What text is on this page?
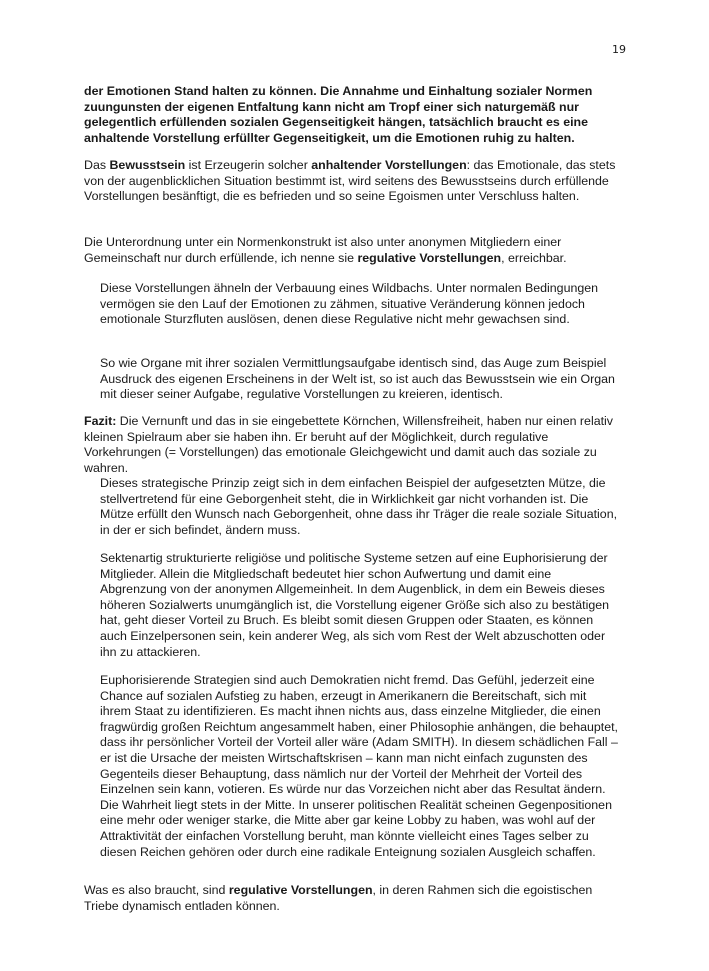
19

der Emotionen Stand halten zu können. Die Annahme und Einhaltung sozialer Normen zuungunsten der eigenen Entfaltung kann nicht am Tropf einer sich naturgemäß nur gelegentlich erfüllenden sozialen Gegenseitigkeit hängen, tatsächlich braucht es eine anhaltende Vorstellung erfüllter Gegenseitigkeit, um die Emotionen ruhig zu halten.

Das Bewusstsein ist Erzeugerin solcher anhaltender Vorstellungen: das Emotionale, das stets von der augenblicklichen Situation bestimmt ist, wird seitens des Bewusstseins durch erfüllende Vorstellungen besänftigt, die es befrieden und so seine Egoismen unter Verschluss halten.

Die Unterordnung unter ein Normenkonstrukt ist also unter anonymen Mitgliedern einer Gemeinschaft nur durch erfüllende, ich nenne sie regulative Vorstellungen, erreichbar.

Diese Vorstellungen ähneln der Verbauung eines Wildbachs. Unter normalen Bedingungen vermögen sie den Lauf der Emotionen zu zähmen, situative Veränderung können jedoch emotionale Sturzfluten auslösen, denen diese Regulative nicht mehr gewachsen sind.

So wie Organe mit ihrer sozialen Vermittlungsaufgabe identisch sind, das Auge zum Beispiel Ausdruck des eigenen Erscheinens in der Welt ist, so ist auch das Bewusstsein wie ein Organ mit dieser seiner Aufgabe, regulative Vorstellungen zu kreieren, identisch.

Fazit: Die Vernunft und das in sie eingebettete Körnchen, Willensfreiheit, haben nur einen relativ kleinen Spielraum aber sie haben ihn. Er beruht auf der Möglichkeit, durch regulative Vorkehrungen (= Vorstellungen) das emotionale Gleichgewicht und damit auch das soziale zu wahren.

Dieses strategische Prinzip zeigt sich in dem einfachen Beispiel der aufgesetzten Mütze, die stellvertretend für eine Geborgenheit steht, die in Wirklichkeit gar nicht vorhanden ist. Die Mütze erfüllt den Wunsch nach Geborgenheit, ohne dass ihr Träger die reale soziale Situation, in der er sich befindet, ändern muss.

Sektenartig strukturierte religiöse und politische Systeme setzen auf eine Euphorisierung der Mitglieder. Allein die Mitgliedschaft bedeutet hier schon Aufwertung und damit eine Abgrenzung von der anonymen Allgemeinheit. In dem Augenblick, in dem ein Beweis dieses höheren Sozialwerts unumgänglich ist, die Vorstellung eigener Größe sich also zu bestätigen hat, geht dieser Vorteil zu Bruch. Es bleibt somit diesen Gruppen oder Staaten, es können auch Einzelpersonen sein, kein anderer Weg, als sich vom Rest der Welt abzuschotten oder ihn zu attackieren.

Euphorisierende Strategien sind auch Demokratien nicht fremd. Das Gefühl, jederzeit eine Chance auf sozialen Aufstieg zu haben, erzeugt in Amerikanern die Bereitschaft, sich mit ihrem Staat zu identifizieren. Es macht ihnen nichts aus, dass einzelne Mitglieder, die einen fragwürdig großen Reichtum angesammelt haben, einer Philosophie anhängen, die behauptet, dass ihr persönlicher Vorteil der Vorteil aller wäre (Adam SMITH). In diesem schädlichen Fall – er ist die Ursache der meisten Wirtschaftskrisen – kann man nicht einfach zugunsten des Gegenteils dieser Behauptung, dass nämlich nur der Vorteil der Mehrheit der Vorteil des Einzelnen sein kann, votieren. Es würde nur das Vorzeichen nicht aber das Resultat ändern. Die Wahrheit liegt stets in der Mitte. In unserer politischen Realität scheinen Gegenpositionen eine mehr oder weniger starke, die Mitte aber gar keine Lobby zu haben, was wohl auf der Attraktivität der einfachen Vorstellung beruht, man könnte vielleicht eines Tages selber zu diesen Reichen gehören oder durch eine radikale Enteignung sozialen Ausgleich schaffen.

Was es also braucht, sind regulative Vorstellungen, in deren Rahmen sich die egoistischen Triebe dynamisch entladen können.
